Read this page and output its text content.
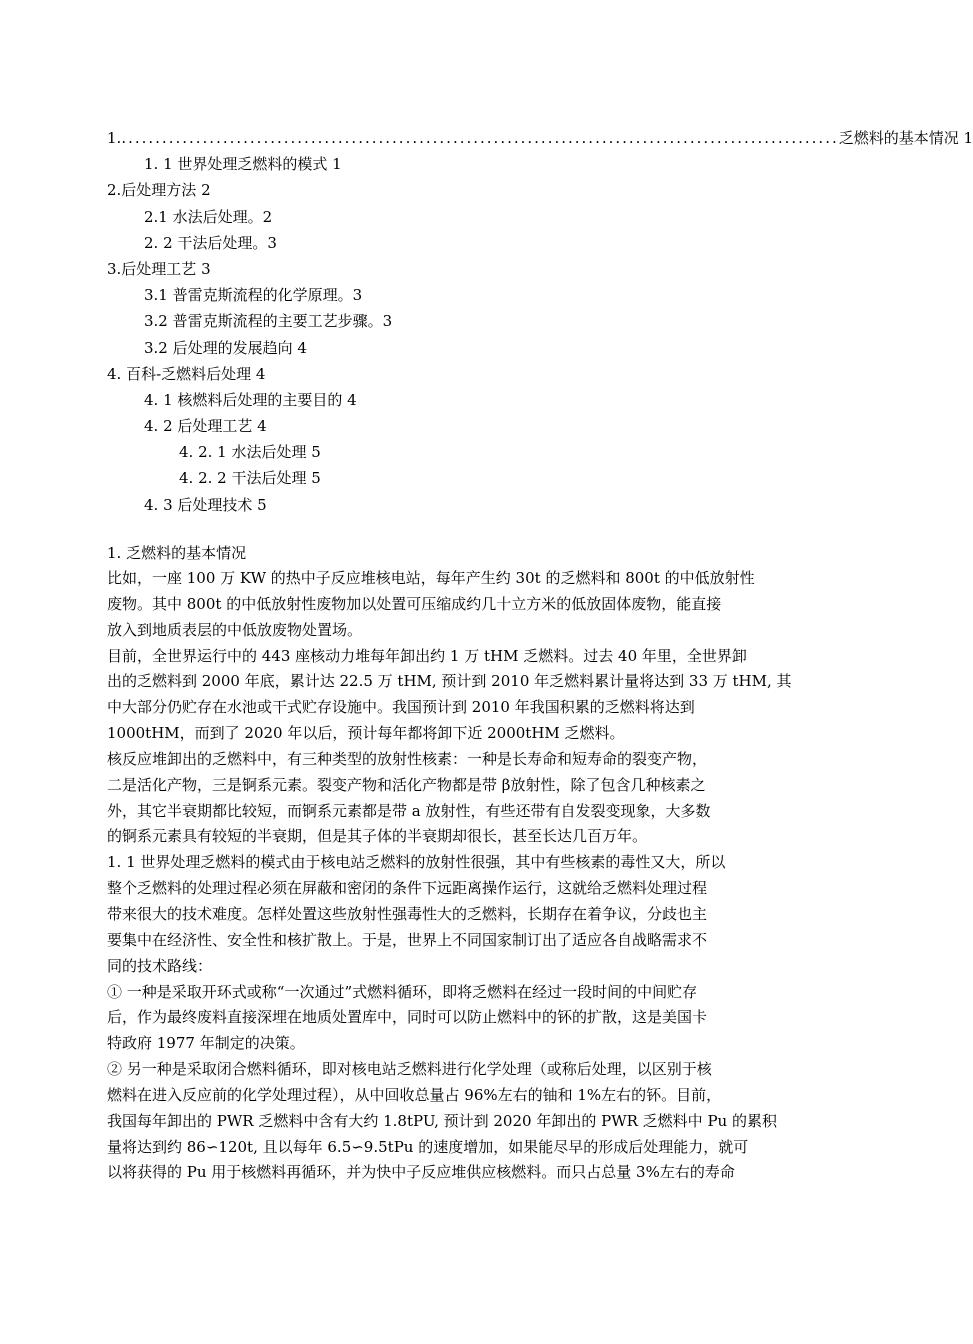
1. .......................................................................................................... 乏燃料的基本情况 1
1. 1 世界处理乏燃料的模式 1
2.后处理方法 2
2.1 水法后处理。2
2. 2 干法后处理。3
3.后处理工艺 3
3.1 普雷克斯流程的化学原理。3
3.2 普雷克斯流程的主要工艺步骤。3
3.2 后处理的发展趋向 4
4. 百科-乏燃料后处理 4
4. 1 核燃料后处理的主要目的 4
4. 2 后处理工艺 4
4. 2. 1 水法后处理 5
4. 2. 2 干法后处理 5
4. 3 后处理技术 5
1. 乏燃料的基本情况
比如，一座 100 万 KW 的热中子反应堆核电站，每年产生约 30t 的乏燃料和 800t 的中低放射性
废物。其中 800t 的中低放射性废物加以处置可压缩成约几十立方米的低放固体废物，能直接
放入到地质表层的中低放废物处置场。
目前，全世界运行中的 443 座核动力堆每年卸出约 1 万 tHM 乏燃料。过去 40 年里，全世界卸
出的乏燃料到 2000 年底，累计达 22.5 万 tHM, 预计到 2010 年乏燃料累计量将达到 33 万 tHM, 其
中大部分仍贮存在水池或干式贮存设施中。我国预计到 2010 年我国积累的乏燃料将达到
1000tHM，而到了 2020 年以后，预计每年都将卸下近 2000tHM 乏燃料。
核反应堆卸出的乏燃料中，有三种类型的放射性核素：一种是长寿命和短寿命的裂变产物，
二是活化产物，三是锕系元素。裂变产物和活化产物都是带 β放射性，除了包含几种核素之
外，其它半衰期都比较短，而锕系元素都是带 a 放射性，有些还带有自发裂变现象，大多数
的锕系元素具有较短的半衰期，但是其子体的半衰期却很长，甚至长达几百万年。
1. 1 世界处理乏燃料的模式由于核电站乏燃料的放射性很强，其中有些核素的毒性又大，所以
整个乏燃料的处理过程必须在屏蔽和密闭的条件下远距离操作运行，这就给乏燃料处理过程
带来很大的技术难度。怎样处置这些放射性强毒性大的乏燃料，长期存在着争议，分歧也主
要集中在经济性、安全性和核扩散上。于是，世界上不同国家制订出了适应各自战略需求不
同的技术路线：
① 一种是采取开环式或称“一次通过”式燃料循环，即将乏燃料在经过一段时间的中间贮存
后，作为最终废料直接深埋在地质处置库中，同时可以防止燃料中的钚的扩散，这是美国卡
特政府 1977 年制定的决策。
② 另一种是采取闭合燃料循环，即对核电站乏燃料进行化学处理（或称后处理，以区别于核
燃料在进入反应前的化学处理过程），从中回收总量占 96%左右的铀和 1%左右的钚。目前，
我国每年卸出的 PWR 乏燃料中含有大约 1.8tPU, 预计到 2020 年卸出的 PWR 乏燃料中 Pu 的累积
量将达到约 86∽120t, 且以每年 6.5∽9.5tPu 的速度增加，如果能尽早的形成后处理能力，就可
以将获得的 Pu 用于核燃料再循环，并为快中子反应堆供应核燃料。而只占总量 3%左右的寿命
